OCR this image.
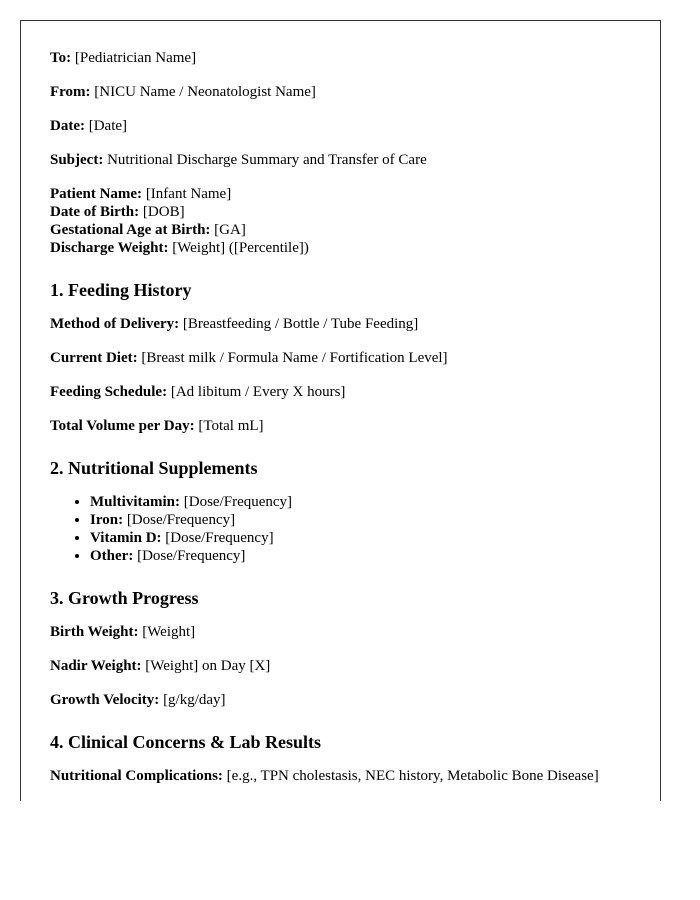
To: [Pediatrician Name]

From: [NICU Name / Neonatologist Name]

Date: [Date]

Subject: Nutritional Discharge Summary and Transfer of Care

Patient Name: [Infant Name]
Date of Birth: [DOB]
Gestational Age at Birth: [GA]
Discharge Weight: [Weight] ([Percentile])
1. Feeding History

Method of Delivery: [Breastfeeding / Bottle / Tube Feeding]

Current Diet: [Breast milk / Formula Name / Fortification Level]

Feeding Schedule: [Ad libitum / Every X hours]

Total Volume per Day: [Total mL]

2. Nutritional Supplements
• Multivitamin: [Dose/Frequency]
• Iron: [Dose/Frequency]
• Vitamin D: [Dose/Frequency]
• Other: [Dose/Frequency]
3. Growth Progress

Birth Weight: [Weight]

Nadir Weight: [Weight] on Day [X]

Growth Velocity: [g/kg/day]

4. Clinical Concerns & Lab Results

Nutritional Complications: [e.g., TPN cholestasis, NEC history, Metabolic Bone Disease]
